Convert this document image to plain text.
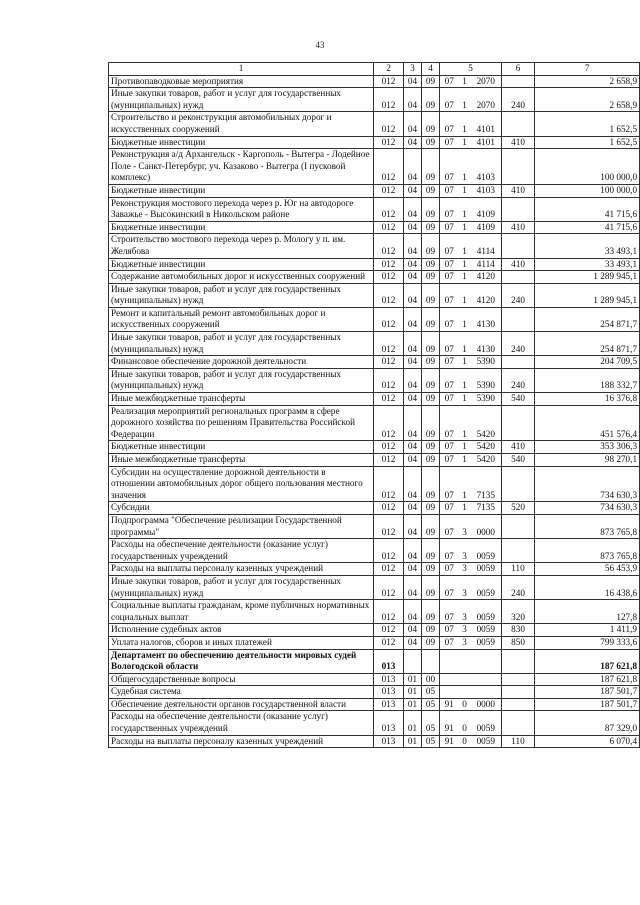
43
1	2	3	4	5			6	7
Противопаводковые мероприятия	012	04	09	07	1	2070		2 658,9
Иные закупки товаров, работ и услуг для государственных (муниципальных) нужд	012	04	09	07	1	2070	240	2 658,9
Строительство и реконструкция автомобильных дорог и искусственных сооружений	012	04	09	07	1	4101		1 652,5
Бюджетные инвестиции	012	04	09	07	1	4101	410	1 652,5
Реконструкция а/д Архангельск - Каргополь - Вытегра - Лодейное Поле - Санкт-Петербург, уч. Казаково - Вытегра (I пусковой комплекс)	012	04	09	07	1	4103		100 000,0
Бюджетные инвестиции	012	04	09	07	1	4103	410	100 000,0
Реконструкция мостового перехода через р. Юг на автодороге Заважье - Высокинский в Никольском районе	012	04	09	07	1	4109		41 715,6
Бюджетные инвестиции	012	04	09	07	1	4109	410	41 715,6
Строительство мостового перехода через р. Мологу у п. им. Желябова	012	04	09	07	1	4114		33 493,1
Бюджетные инвестиции	012	04	09	07	1	4114	410	33 493,1
Содержание автомобильных дорог и искусственных сооружений	012	04	09	07	1	4120		1 289 945,1
Иные закупки товаров, работ и услуг для государственных (муниципальных) нужд	012	04	09	07	1	4120	240	1 289 945,1
Ремонт и капитальный ремонт автомобильных дорог и искусственных сооружений	012	04	09	07	1	4130		254 871,7
Иные закупки товаров, работ и услуг для государственных (муниципальных) нужд	012	04	09	07	1	4130	240	254 871,7
Финансовое обеспечение дорожной деятельности	012	04	09	07	1	5390		204 709,5
Иные закупки товаров, работ и услуг для государственных (муниципальных) нужд	012	04	09	07	1	5390	240	188 332,7
Иные межбюджетные трансферты	012	04	09	07	1	5390	540	16 376,8
Реализация мероприятий региональных программ в сфере дорожного хозяйства по решениям Правительства Российской Федерации	012	04	09	07	1	5420		451 576,4
Бюджетные инвестиции	012	04	09	07	1	5420	410	353 306,3
Иные межбюджетные трансферты	012	04	09	07	1	5420	540	98 270,1
Субсидии на осуществление дорожной деятельности в отношении автомобильных дорог общего пользования местного значения	012	04	09	07	1	7135		734 630,3
Субсидии	012	04	09	07	1	7135	520	734 630,3
Подпрограмма "Обеспечение реализации Государственной программы"	012	04	09	07	3	0000		873 765,8
Расходы на обеспечение деятельности (оказание услуг) государственных учреждений	012	04	09	07	3	0059		873 765,8
Расходы на выплаты персоналу казенных учреждений	012	04	09	07	3	0059	110	56 453,9
Иные закупки товаров, работ и услуг для государственных (муниципальных) нужд	012	04	09	07	3	0059	240	16 438,6
Социальные выплаты гражданам, кроме публичных нормативных социальных выплат	012	04	09	07	3	0059	320	127,8
Исполнение судебных актов	012	04	09	07	3	0059	830	1 411,9
Уплата налогов, сборов и иных платежей	012	04	09	07	3	0059	850	799 333,6
Департамент по обеспечению деятельности мировых судей Вологодской области	013							187 621,8
Общегосударственные вопросы	013	01	00					187 621,8
Судебная система	013	01	05					187 501,7
Обеспечение деятельности органов государственной власти	013	01	05	91	0	0000		187 501,7
Расходы на обеспечение деятельности (оказание услуг) государственных учреждений	013	01	05	91	0	0059		87 329,0
Расходы на выплаты персоналу казенных учреждений	013	01	05	91	0	0059	110	6 070,4
